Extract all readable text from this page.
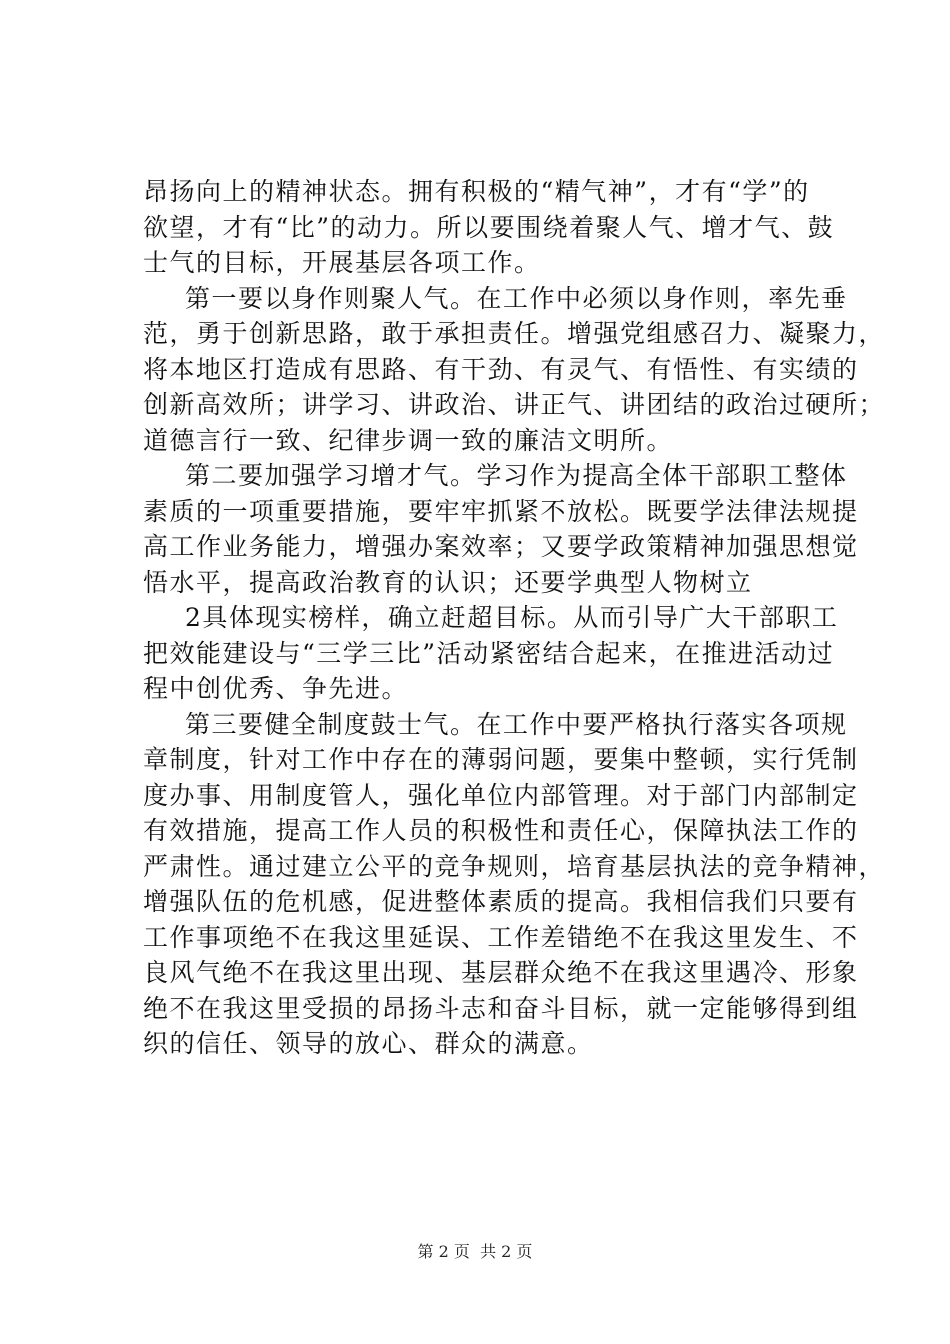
昂扬向上的精神状态。拥有积极的“精气神”，才有“学”的
欲望，才有“比”的动力。所以要围绕着聚人气、增才气、鼓
士气的目标，开展基层各项工作。
第一要以身作则聚人气。在工作中必须以身作则，率先垂
范，勇于创新思路，敢于承担责任。增强党组感召力、凝聚力，
将本地区打造成有思路、有干劲、有灵气、有悟性、有实绩的
创新高效所；讲学习、讲政治、讲正气、讲团结的政治过硬所；
道德言行一致、纪律步调一致的廉洁文明所。
第二要加强学习增才气。学习作为提高全体干部职工整体
素质的一项重要措施，要牢牢抓紧不放松。既要学法律法规提
高工作业务能力，增强办案效率；又要学政策精神加强思想觉
悟水平，提高政治教育的认识；还要学典型人物树立
2具体现实榜样，确立赶超目标。从而引导广大干部职工
把效能建设与“三学三比”活动紧密结合起来，在推进活动过
程中创优秀、争先进。
第三要健全制度鼓士气。在工作中要严格执行落实各项规
章制度，针对工作中存在的薄弱问题，要集中整顿，实行凭制
度办事、用制度管人，强化单位内部管理。对于部门内部制定
有效措施，提高工作人员的积极性和责任心，保障执法工作的
严肃性。通过建立公平的竞争规则，培育基层执法的竞争精神，
增强队伍的危机感，促进整体素质的提高。我相信我们只要有
工作事项绝不在我这里延误、工作差错绝不在我这里发生、不
良风气绝不在我这里出现、基层群众绝不在我这里遇冷、形象
绝不在我这里受损的昂扬斗志和奋斗目标，就一定能够得到组
织的信任、领导的放心、群众的满意。
第 2 页  共 2 页
